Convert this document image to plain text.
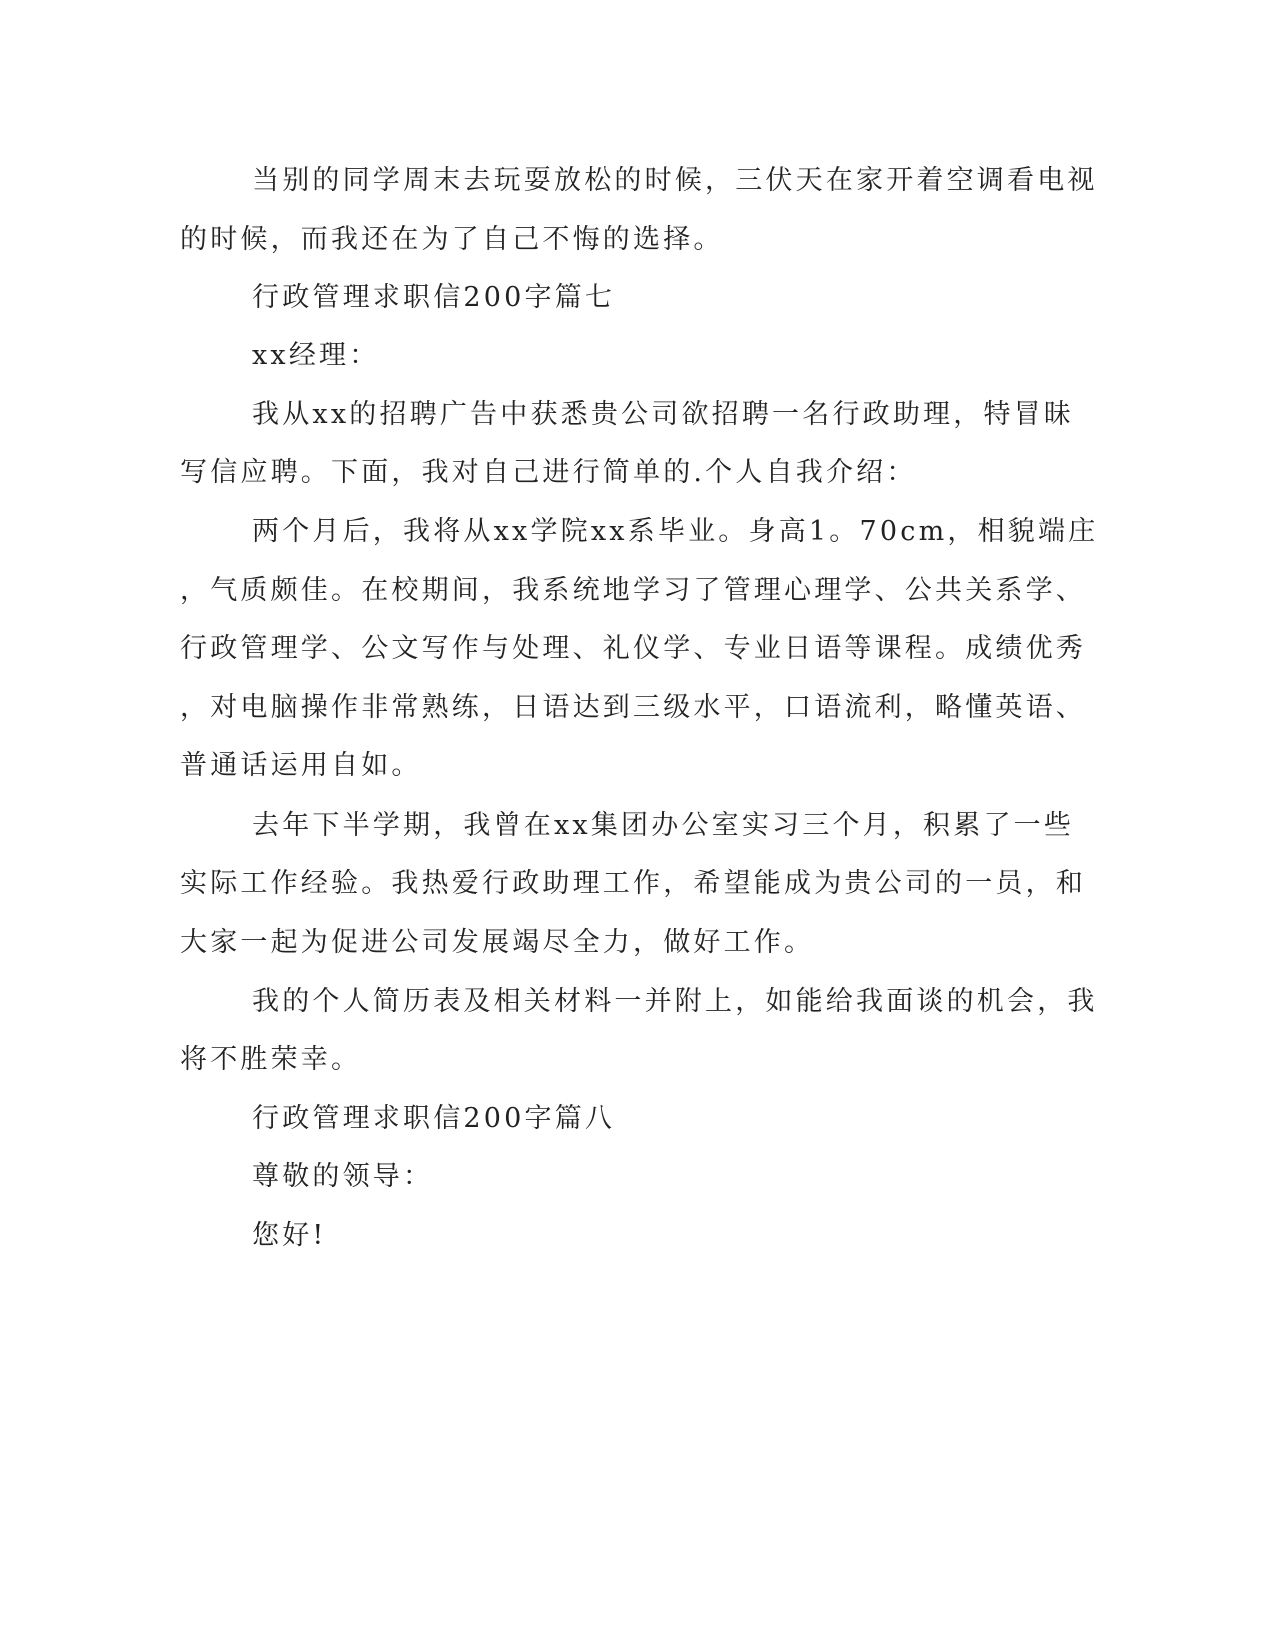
当别的同学周末去玩耍放松的时候，三伏天在家开着空调看电视
的时候，而我还在为了自己不悔的选择。
行政管理求职信200字篇七
xx经理：
我从xx的招聘广告中获悉贵公司欲招聘一名行政助理，特冒昧
写信应聘。下面，我对自己进行简单的.个人自我介绍：
两个月后，我将从xx学院xx系毕业。身高1。70cm，相貌端庄
，气质颇佳。在校期间，我系统地学习了管理心理学、公共关系学、
行政管理学、公文写作与处理、礼仪学、专业日语等课程。成绩优秀
，对电脑操作非常熟练，日语达到三级水平，口语流利，略懂英语、
普通话运用自如。
去年下半学期，我曾在xx集团办公室实习三个月，积累了一些
实际工作经验。我热爱行政助理工作，希望能成为贵公司的一员，和
大家一起为促进公司发展竭尽全力，做好工作。
我的个人简历表及相关材料一并附上，如能给我面谈的机会，我
将不胜荣幸。
行政管理求职信200字篇八
尊敬的领导：
您好!
